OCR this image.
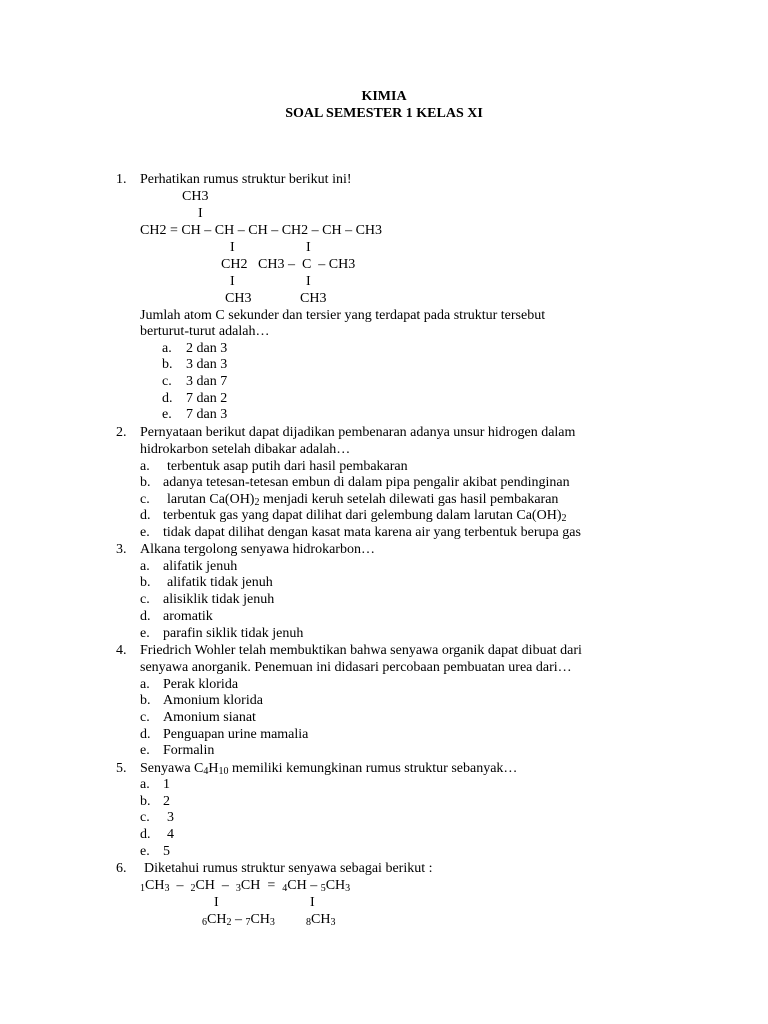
KIMIA
SOAL SEMESTER 1 KELAS XI
1. Perhatikan rumus struktur berikut ini!
CH3
I
CH2 = CH – CH – CH – CH2 – CH – CH3
I	I
CH2 CH3 –  C  – CH3
I	I
CH3	CH3
Jumlah atom C sekunder dan tersier yang terdapat pada struktur tersebut
berturut-turut adalah…
a. 2 dan 3
b. 3 dan 3
c. 3 dan 7
d. 7 dan 2
e. 7 dan 3
2. Pernyataan berikut dapat dijadikan pembenaran adanya unsur hidrogen dalam
hidrokarbon setelah dibakar adalah…
a. terbentuk asap putih dari hasil pembakaran
b. adanya tetesan-tetesan embun di dalam pipa pengalir akibat pendinginan
c. larutan $Ca(OH)_2$ menjadi keruh setelah dilewati gas hasil pembakaran
d. terbentuk gas yang dapat dilihat dari gelembung dalam larutan $Ca(OH)_2$
e. tidak dapat dilihat dengan kasat mata karena air yang terbentuk berupa gas
3. Alkana tergolong senyawa hidrokarbon…
a. alifatik jenuh
b. alifatik tidak jenuh
c. alisiklik tidak jenuh
d. aromatik
e. parafin siklik tidak jenuh
4. Friedrich Wohler telah membuktikan bahwa senyawa organik dapat dibuat dari
senyawa anorganik. Penemuan ini didasari percobaan pembuatan urea dari…
a. Perak klorida
b. Amonium klorida
c. Amonium sianat
d. Penguapan urine mamalia
e. Formalin
5. Senyawa $C_4H_{10}$ memiliki kemungkinan rumus struktur sebanyak…
a. 1
b. 2
c. 3
d. 4
e. 5
6. Diketahui rumus struktur senyawa sebagai berikut :
$_1CH_3 - _2CH - _3CH = _4CH - _5CH_3$
I	I
$_6CH_2 - _7CH_3$	$_8CH_3$
